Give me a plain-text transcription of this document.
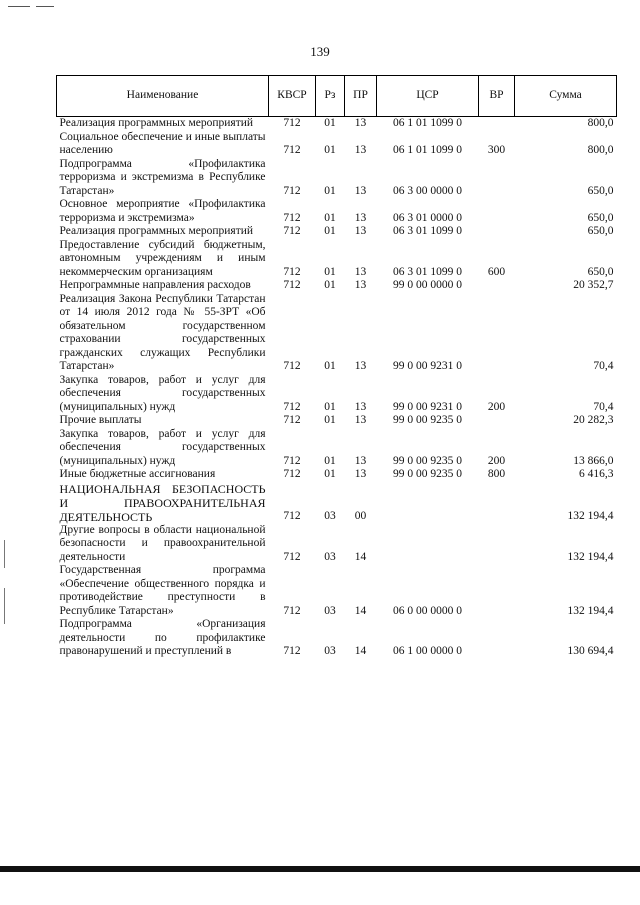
139
Наименование	КВСР	Рз	ПР	ЦСР	ВР	Сумма
Реализация программных мероприятий	712	01	13	06 1 01 1099 0		800,0
Социальное обеспечение и иные выплаты населению	712	01	13	06 1 01 1099 0	300	800,0
Подпрограмма «Профилактика терроризма и экстремизма в Республике Татарстан»	712	01	13	06 3 00 0000 0		650,0
Основное мероприятие «Профилактика терроризма и экстремизма»	712	01	13	06 3 01 0000 0		650,0
Реализация программных мероприятий	712	01	13	06 3 01 1099 0		650,0
Предоставление субсидий бюджетным, автономным учреждениям и иным некоммерческим организациям	712	01	13	06 3 01 1099 0	600	650,0
Непрограммные направления расходов	712	01	13	99 0 00 0000 0		20 352,7
Реализация Закона Республики Татарстан от 14 июля 2012 года № 55-ЗРТ «Об обязательном государственном страховании государственных гражданских служащих Республики Татарстан»	712	01	13	99 0 00 9231 0		70,4
Закупка товаров, работ и услуг для обеспечения государственных (муниципальных) нужд	712	01	13	99 0 00 9231 0	200	70,4
Прочие выплаты	712	01	13	99 0 00 9235 0		20 282,3
Закупка товаров, работ и услуг для обеспечения государственных (муниципальных) нужд	712	01	13	99 0 00 9235 0	200	13 866,0
Иные бюджетные ассигнования	712	01	13	99 0 00 9235 0	800	6 416,3
НАЦИОНАЛЬНАЯ БЕЗОПАСНОСТЬ И ПРАВООХРАНИТЕЛЬНАЯ ДЕЯТЕЛЬНОСТЬ	712	03	00			132 194,4
Другие вопросы в области национальной безопасности и правоохранительной деятельности	712	03	14			132 194,4
Государственная программа «Обеспечение общественного порядка и противодействие преступности в Республике Татарстан»	712	03	14	06 0 00 0000 0		132 194,4
Подпрограмма «Организация деятельности по профилактике правонарушений и преступлений в	712	03	14	06 1 00 0000 0		130 694,4
